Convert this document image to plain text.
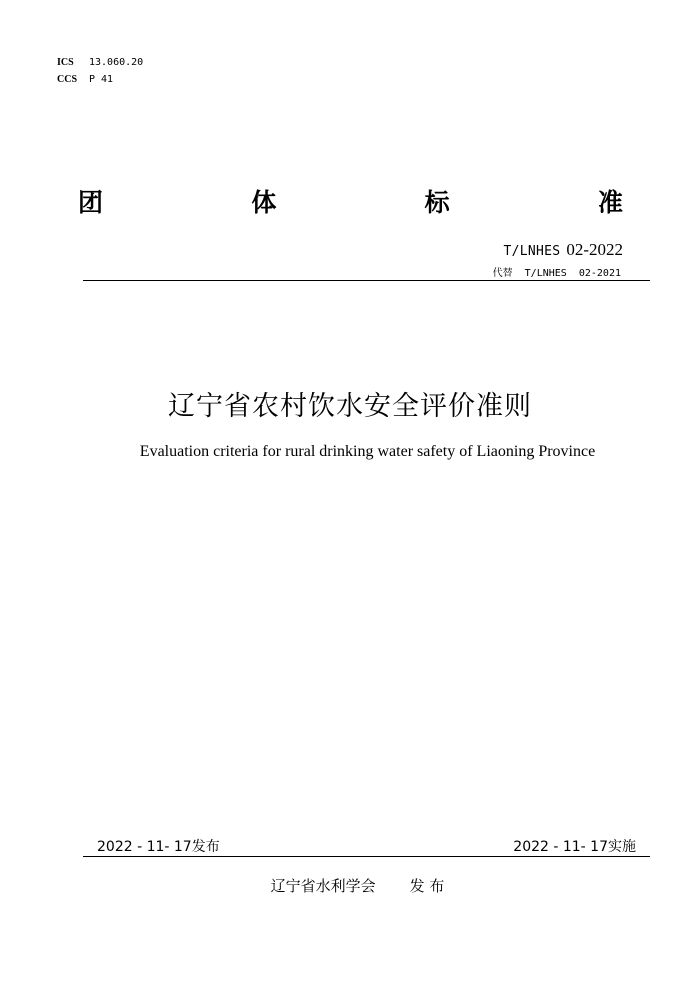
ICS 13.060.20
CCS P 41
团	体	标	准
T/LNHES 02-2022
代替  T/LNHES  02-2021
辽宁省农村饮水安全评价准则
Evaluation criteria for rural drinking water safety of Liaoning Province
2022 - 11- 17发布	2022 - 11- 17实施
辽宁省水利学会 发 布
